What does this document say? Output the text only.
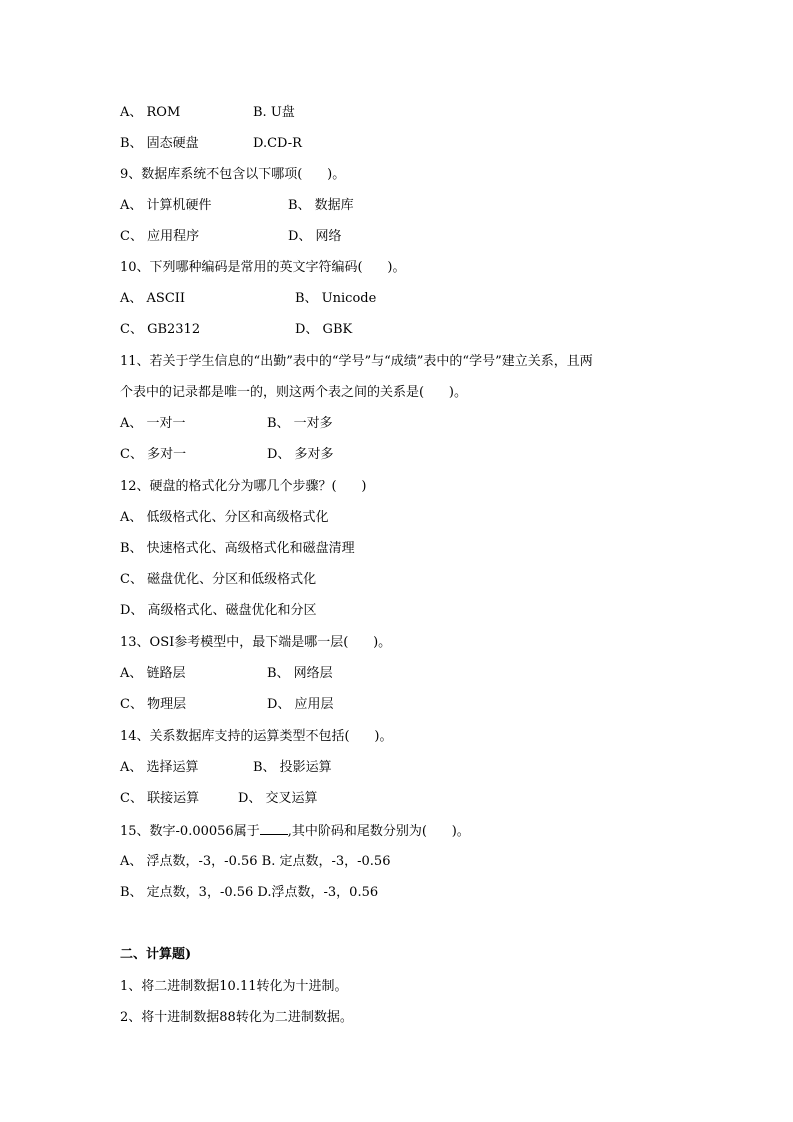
A、 ROM

	B. U盘

B、 固态硬盘

	D.CD-R

9、数据库系统不包含以下哪项(      )。

A、 计算机硬件

	B、 数据库

C、 应用程序

	D、 网络

10、下列哪种编码是常用的英文字符编码(      )。

A、 ASCII

	B、 Unicode

C、 GB2312

	D、 GBK

11、若关于学生信息的“出勤”表中的“学号”与“成绩”表中的“学号”建立关系，且两
个表中的记录都是唯一的，则这两个表之间的关系是(      )。

A、 一对一

	B、 一对多

C、 多对一

	D、 多对多

12、硬盘的格式化分为哪几个步骤？(      )
A、 低级格式化、分区和高级格式化
B、 快速格式化、高级格式化和磁盘清理
C、 磁盘优化、分区和低级格式化
D、 高级格式化、磁盘优化和分区
13、OSI参考模型中，最下端是哪一层(      )。

A、 链路层

	B、 网络层

C、 物理层

	D、 应用层

14、关系数据库支持的运算类型不包括(      )。

A、 选择运算

	B、 投影运算

C、 联接运算

	D、 交叉运算

15、数字-0.00056属于 ,其中阶码和尾数分别为(      )。
A、 浮点数，-3，-0.56 B. 定点数，-3，-0.56
B、 定点数，3，-0.56 D.浮点数，-3，0.56
二、计算题)
1、将二进制数据10.11转化为十进制。
2、将十进制数据88转化为二进制数据。
